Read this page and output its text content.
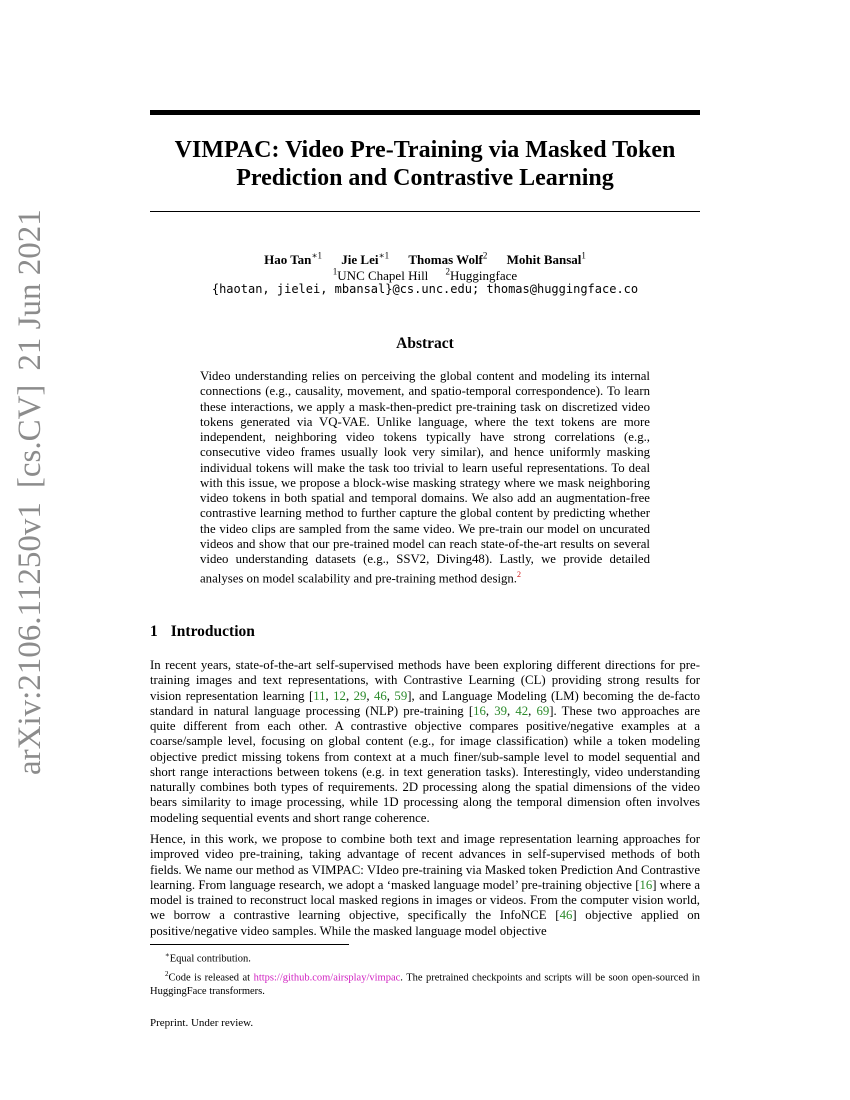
arXiv:2106.11250v1[cs.CV]21 Jun 2021
VIMPAC: Video Pre-Training via Masked Token
Prediction and Contrastive Learning
Hao Tan$^{∗1}$ Jie Lei$^{∗1}$ Thomas Wolf$^2$ Mohit Bansal$^1$
$^1$UNC Chapel Hill $^2$Huggingface
{haotan, jielei, mbansal}@cs.unc.edu; thomas@huggingface.co
Abstract
Video understanding relies on perceiving the global content and modeling its internal connections (e.g., causality, movement, and spatio-temporal correspondence). To learn these interactions, we apply a mask-then-predict pre-training task on discretized video tokens generated via VQ-VAE. Unlike language, where the text tokens are more independent, neighboring video tokens typically have strong correlations (e.g., consecutive video frames usually look very similar), and hence uniformly masking individual tokens will make the task too trivial to learn useful representations. To deal with this issue, we propose a block-wise masking strategy where we mask neighboring video tokens in both spatial and temporal domains. We also add an augmentation-free contrastive learning method to further capture the global content by predicting whether the video clips are sampled from the same video. We pre-train our model on uncurated videos and show that our pre-trained model can reach state-of-the-art results on several video understanding datasets (e.g., SSV2, Diving48). Lastly, we provide detailed analyses on model scalability and pre-training method design.$^2$
1 Introduction

In recent years, state-of-the-art self-supervised methods have been exploring different directions for pre-training images and text representations, with Contrastive Learning (CL) providing strong results for vision representation learning [11, 12, 29, 46, 59], and Language Modeling (LM) becoming the de-facto standard in natural language processing (NLP) pre-training [16, 39, 42, 69]. These two approaches are quite different from each other. A contrastive objective compares positive/negative examples at a coarse/sample level, focusing on global content (e.g., for image classification) while a token modeling objective predict missing tokens from context at a much finer/sub-sample level to model sequential and short range interactions between tokens (e.g. in text generation tasks). Interestingly, video understanding naturally combines both types of requirements. 2D processing along the spatial dimensions of the video bears similarity to image processing, while 1D processing along the temporal dimension often involves modeling sequential events and short range coherence.

Hence, in this work, we propose to combine both text and image representation learning approaches for improved video pre-training, taking advantage of recent advances in self-supervised methods of both fields. We name our method as VIMPAC: VIdeo pre-training via Masked token Prediction And Contrastive learning. From language research, we adopt a ‘masked language model’ pre-training objective [16] where a model is trained to reconstruct local masked regions in images or videos. From the computer vision world, we borrow a contrastive learning objective, specifically the InfoNCE [46] objective applied on positive/negative video samples. While the masked language model objective

∗Equal contribution.

$^2$Code is released at https://github.com/airsplay/vimpac. The pretrained checkpoints and scripts will be soon open-sourced in HuggingFace transformers.

Preprint. Under review.
